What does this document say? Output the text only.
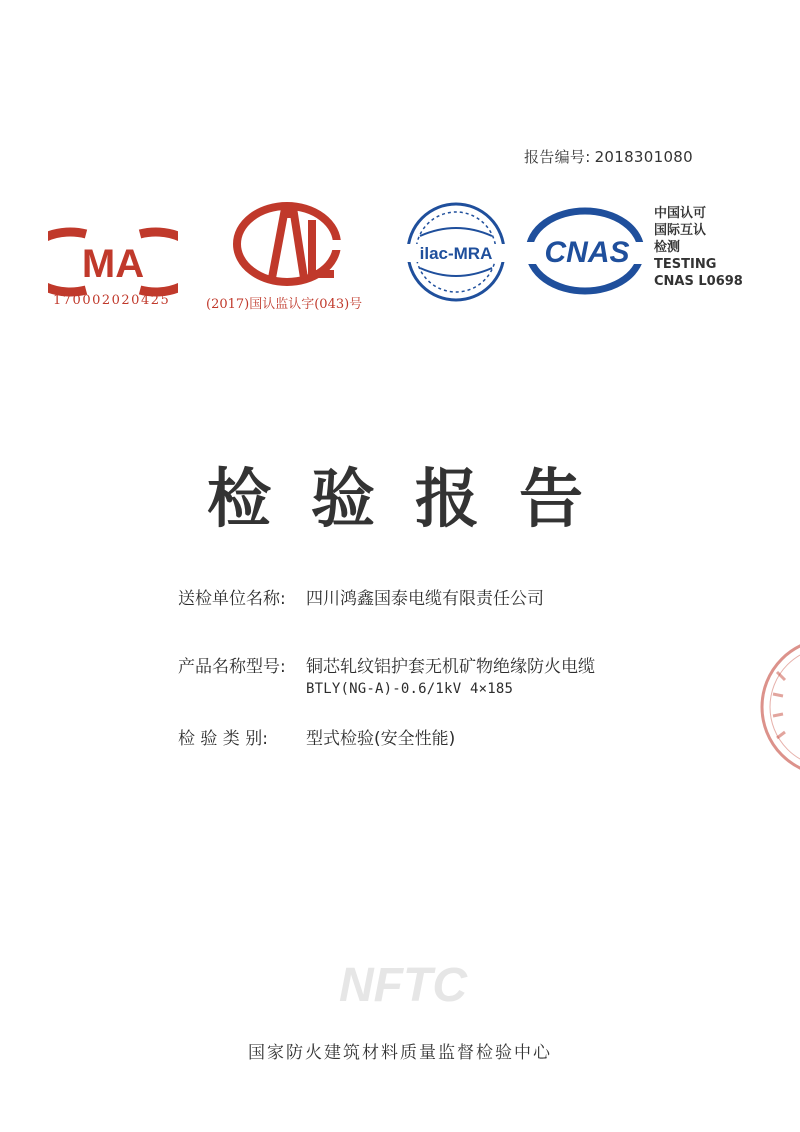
报告编号: 2018301080
MA
170002020425	(2017)国认监认字(043)号
ilac-MRA CNAS
中国认可
国际互认
检测
TESTING
CNAS L0698
检验报告
送检单位名称: 四川鸿鑫国泰电缆有限责任公司
产品名称型号: 铜芯轧纹铝护套无机矿物绝缘防火电缆
BTLY(NG-A)-0.6/1kV 4×185
检 验 类 别: 型式检验(安全性能)
NFTC
国家防火建筑材料质量监督检验中心
